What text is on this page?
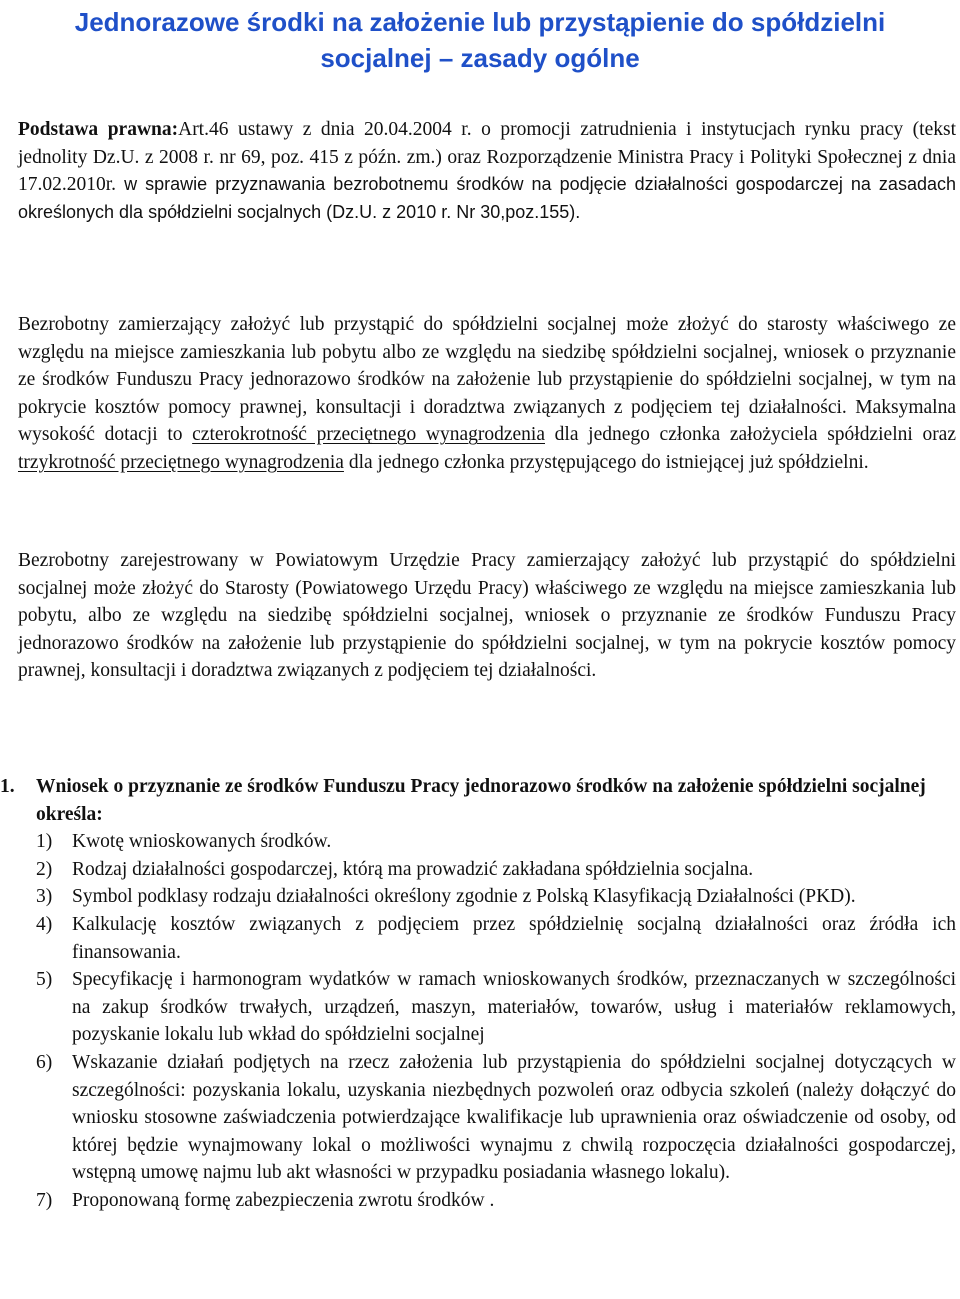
Jednorazowe środki na założenie lub przystąpienie do spółdzielni socjalnej – zasady ogólne

Podstawa prawna:Art.46 ustawy z dnia 20.04.2004 r. o promocji zatrudnienia i instytucjach rynku pracy (tekst jednolity Dz.U. z 2008 r. nr 69, poz. 415 z późn. zm.) oraz Rozporządzenie Ministra Pracy i Polityki Społecznej z dnia 17.02.2010r. w sprawie przyznawania bezrobotnemu środków na podjęcie działalności gospodarczej na zasadach określonych dla spółdzielni socjalnych (Dz.U. z 2010 r. Nr 30,poz.155).

Bezrobotny zamierzający założyć lub przystąpić do spółdzielni socjalnej może złożyć do starosty właściwego ze względu na miejsce zamieszkania lub pobytu albo ze względu na siedzibę spółdzielni socjalnej, wniosek o przyznanie ze środków Funduszu Pracy jednorazowo środków na założenie lub przystąpienie do spółdzielni socjalnej, w tym na pokrycie kosztów pomocy prawnej, konsultacji i doradztwa związanych z podjęciem tej działalności. Maksymalna wysokość dotacji to czterokrotność przeciętnego wynagrodzenia dla jednego członka założyciela spółdzielni oraz trzykrotność przeciętnego wynagrodzenia dla jednego członka przystępującego do istniejącej już spółdzielni.

Bezrobotny zarejestrowany w Powiatowym Urzędzie Pracy zamierzający założyć lub przystąpić do spółdzielni socjalnej może złożyć do Starosty (Powiatowego Urzędu Pracy) właściwego ze względu na miejsce zamieszkania lub pobytu, albo ze względu na siedzibę spółdzielni socjalnej, wniosek o przyznanie ze środków Funduszu Pracy jednorazowo środków na założenie lub przystąpienie do spółdzielni socjalnej, w tym na pokrycie kosztów pomocy prawnej, konsultacji i doradztwa związanych z podjęciem tej działalności.

1.	Wniosek o przyznanie ze środków Funduszu Pracy jednorazowo środków na założenie spółdzielni socjalnej określa:
1) Kwotę wnioskowanych środków.
2) Rodzaj działalności gospodarczej, którą ma prowadzić zakładana spółdzielnia socjalna.
3) Symbol podklasy rodzaju działalności określony zgodnie z Polską Klasyfikacją Działalności (PKD).
4) Kalkulację kosztów związanych z podjęciem przez spółdzielnię socjalną działalności oraz źródła ich finansowania.
5) Specyfikację i harmonogram wydatków w ramach wnioskowanych środków, przeznaczanych w szczególności na zakup środków trwałych, urządzeń, maszyn, materiałów, towarów, usług i materiałów reklamowych, pozyskanie lokalu lub wkład do spółdzielni socjalnej
6) Wskazanie działań podjętych na rzecz założenia lub przystąpienia do spółdzielni socjalnej dotyczących w szczególności: pozyskania lokalu, uzyskania niezbędnych pozwoleń oraz odbycia szkoleń (należy dołączyć do wniosku stosowne zaświadczenia potwierdzające kwalifikacje lub uprawnienia oraz oświadczenie od osoby, od której będzie wynajmowany lokal o możliwości wynajmu z chwilą rozpoczęcia działalności gospodarczej, wstępną umowę najmu lub akt własności w przypadku posiadania własnego lokalu).
7) Proponowaną formę zabezpieczenia zwrotu środków .
